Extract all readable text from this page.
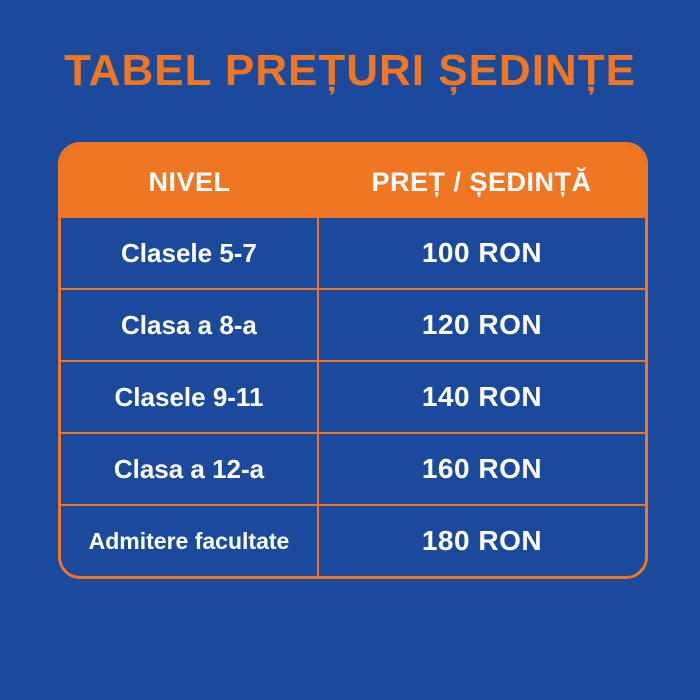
TABEL PREȚURI ȘEDINȚE
NIVEL	PREȚ / ȘEDINȚĂ
Clasele 5-7	100 RON
Clasa a 8-a	120 RON
Clasele 9-11	140 RON
Clasa a 12-a	160 RON
Admitere facultate	180 RON
